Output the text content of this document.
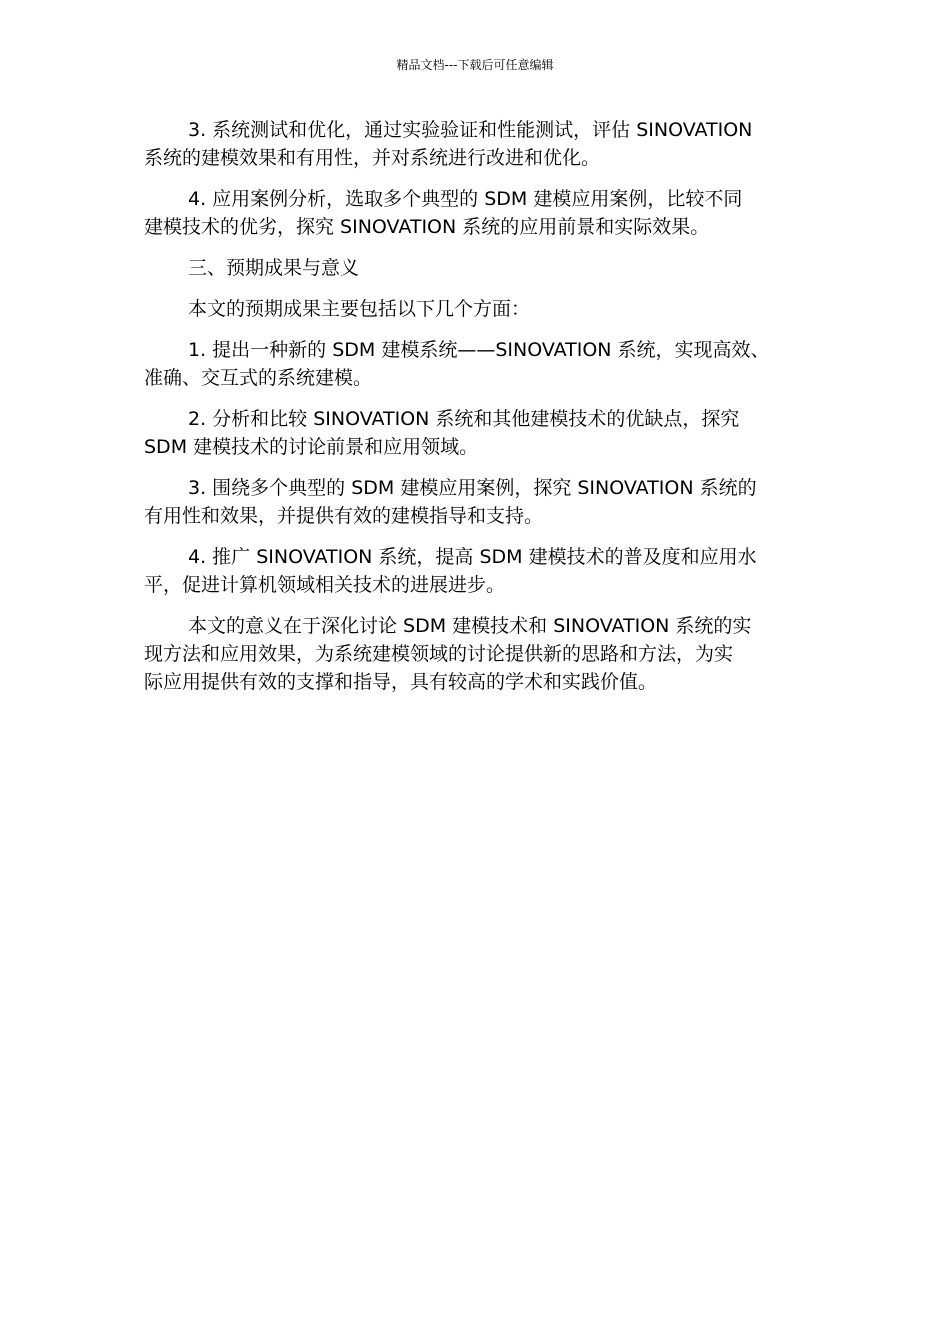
精品文档---下载后可任意编辑

3. 系统测试和优化，通过实验验证和性能测试，评估 SINOVATION
系统的建模效果和有用性，并对系统进行改进和优化。

4. 应用案例分析，选取多个典型的 SDM 建模应用案例，比较不同
建模技术的优劣，探究 SINOVATION 系统的应用前景和实际效果。

三、预期成果与意义

本文的预期成果主要包括以下几个方面：

1. 提出一种新的 SDM 建模系统——SINOVATION 系统，实现高效、
准确、交互式的系统建模。

2. 分析和比较 SINOVATION 系统和其他建模技术的优缺点，探究
SDM 建模技术的讨论前景和应用领域。

3. 围绕多个典型的 SDM 建模应用案例，探究 SINOVATION 系统的
有用性和效果，并提供有效的建模指导和支持。

4. 推广 SINOVATION 系统，提高 SDM 建模技术的普及度和应用水
平，促进计算机领域相关技术的进展进步。

本文的意义在于深化讨论 SDM 建模技术和 SINOVATION 系统的实
现方法和应用效果，为系统建模领域的讨论提供新的思路和方法，为实
际应用提供有效的支撑和指导，具有较高的学术和实践价值。
